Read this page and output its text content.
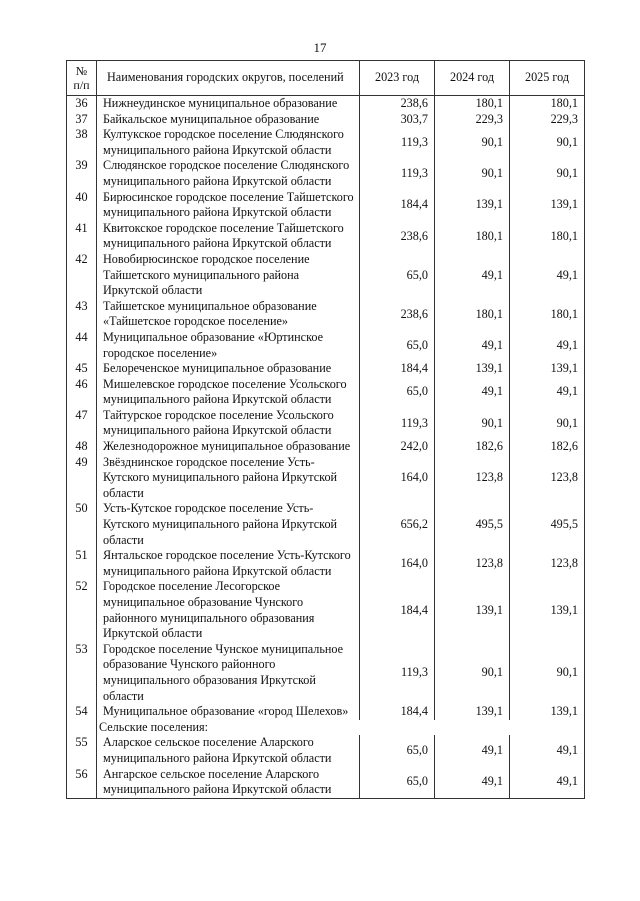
17
№
п/п	Наименования городских округов, поселений	2023 год	2024 год	2025 год
36	Нижнеудинское муниципальное образование	238,6	180,1	180,1
37	Байкальское муниципальное образование	303,7	229,3	229,3
38	Култукское городское поселение Слюдянского муниципального района Иркутской области	119,3	90,1	90,1
39	Слюдянское городское поселение Слюдянского муниципального района Иркутской области	119,3	90,1	90,1
40	Бирюсинское городское поселение Тайшетского муниципального района Иркутской области	184,4	139,1	139,1
41	Квитокское городское поселение Тайшетского муниципального района Иркутской области	238,6	180,1	180,1
42	Новобирюсинское городское поселение Тайшетского муниципального района Иркутской области	65,0	49,1	49,1
43	Тайшетское муниципальное образование «Тайшетское городское поселение»	238,6	180,1	180,1
44	Муниципальное образование «Юртинское городское поселение»	65,0	49,1	49,1
45	Белореченское муниципальное образование	184,4	139,1	139,1
46	Мишелевское городское поселение Усольского муниципального района Иркутской области	65,0	49,1	49,1
47	Тайтурское городское поселение Усольского муниципального района Иркутской области	119,3	90,1	90,1
48	Железнодорожное муниципальное образование	242,0	182,6	182,6
49	Звёзднинское городское поселение Усть-Кутского муниципального района Иркутской области	164,0	123,8	123,8
50	Усть-Кутское городское поселение Усть-Кутского муниципального района Иркутской области	656,2	495,5	495,5
51	Янтальское городское поселение Усть-Кутского муниципального района Иркутской области	164,0	123,8	123,8
52	Городское поселение Лесогорское муниципальное образование Чунского районного муниципального образования Иркутской области	184,4	139,1	139,1
53	Городское поселение Чунское муниципальное образование Чунского районного муниципального образования Иркутской области	119,3	90,1	90,1
54	Муниципальное образование «город Шелехов»	184,4	139,1	139,1
	Сельские поселения:			
55	Аларское сельское поселение Аларского муниципального района Иркутской области	65,0	49,1	49,1
56	Ангарское сельское поселение Аларского муниципального района Иркутской области	65,0	49,1	49,1
